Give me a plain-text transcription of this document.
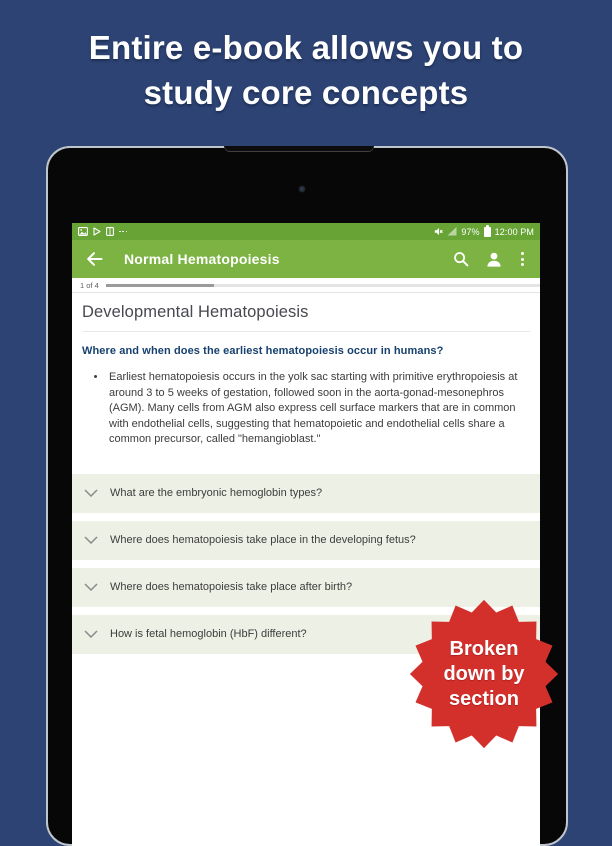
Entire e-book allows you to
study core concepts
97% 12:00 PM
Normal Hematopoiesis
1 of 4
Developmental Hematopoiesis
Where and when does the earliest hematopoiesis occur in humans?
•	Earliest hematopoiesis occurs in the yolk sac starting with primitive erythropoiesis at around 3 to 5 weeks of gestation, followed soon in the aorta-gonad-mesonephros (AGM). Many cells from AGM also express cell surface markers that are in common with endothelial cells, suggesting that hematopoietic and endothelial cells share a common precursor, called "hemangioblast."
What are the embryonic hemoglobin types?
Where does hematopoiesis take place in the developing fetus?
Where does hematopoiesis take place after birth?
How is fetal hemoglobin (HbF) different?
Broken
down by
section
